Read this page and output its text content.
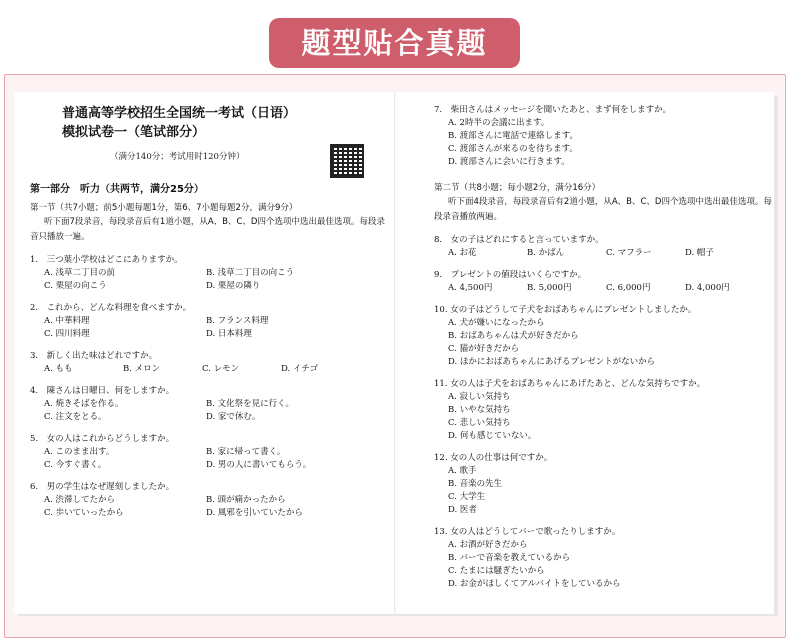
题型贴合真题
普通高等学校招生全国统一考试（日语）
模拟试卷一（笔试部分）
（满分140分；考试用时120分钟）
第一部分　听力（共两节，满分25分）
第一节（共7小题；前5小题每题1分，第6、7小题每题2分，满分9分）
听下面7段录音，每段录音后有1道小题，从A、B、C、D四个选项中选出最佳选项。每段录音只播放一遍。
1.　三つ葉小学校はどこにありますか。
A. 浅草二丁目の前	B. 浅草二丁目の向こう
C. 栗屋の向こう	D. 栗屋の隣り
2.　これから、どんな料理を食べますか。
A. 中華料理	B. フランス料理
C. 四川料理	D. 日本料理
3.　新しく出た味はどれですか。
A. もも	B. メロン	C. レモン	D. イチゴ
4.　陳さんは日曜日、何をしますか。
A. 焼きそばを作る。	B. 文化祭を見に行く。
C. 注文をとる。	D. 家で休む。
5.　女の人はこれからどうしますか。
A. このまま出す。	B. 家に帰って書く。
C. 今すぐ書く。	D. 男の人に書いてもらう。
6.　男の学生はなぜ遅刻しましたか。
A. 渋滞してたから	B. 頭が痛かったから
C. 歩いていったから	D. 風邪を引いていたから
7.　柴田さんはメッセージを聞いたあと、まず何をしますか。
A. 2時半の会議に出ます。
B. 渡部さんに電話で連絡します。
C. 渡部さんが来るのを待ちます。
D. 渡部さんに会いに行きます。
第二节（共8小题；每小题2分，满分16分）
听下面4段录音，每段录音后有2道小题，从A、B、C、D四个选项中选出最佳选项。每段录音播放两遍。
8.　女の子はどれにすると言っていますか。
A. お花	B. かばん	C. マフラー	D. 帽子
9.　プレゼントの値段はいくらですか。
A. 4,500円	B. 5,000円	C. 6,000円	D. 4,000円
10. 女の子はどうして子犬をおばあちゃんにプレゼントしましたか。
A. 犬が嫌いになったから
B. おばあちゃんは犬が好きだから
C. 猫が好きだから
D. ほかにおばあちゃんにあげるプレゼントがないから
11. 女の人は子犬をおばあちゃんにあげたあと、どんな気持ちですか。
A. 寂しい気持ち
B. いやな気持ち
C. 悲しい気持ち
D. 何も感じていない。
12. 女の人の仕事は何ですか。
A. 歌手
B. 音楽の先生
C. 大学生
D. 医者
13. 女の人はどうしてバーで歌ったりしますか。
A. お酒が好きだから
B. バーで音楽を教えているから
C. たまには騒ぎたいから
D. お金がほしくてアルバイトをしているから
